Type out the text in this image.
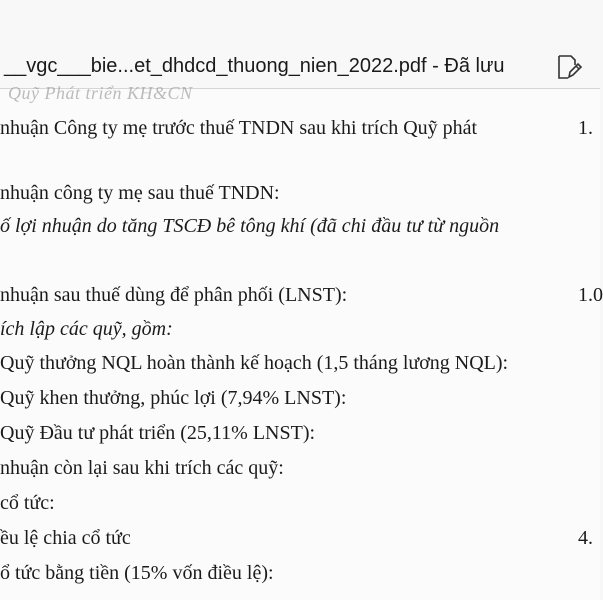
__vgc___bie...et_dhdcd_thuong_nien_2022.pdf - Đã lưu
Quỹ Phát triển KH&CN
nhuận Công ty mẹ trước thuế TNDN sau khi trích Quỹ phát	1.
nhuận công ty mẹ sau thuế TNDN:
ố lợi nhuận do tăng TSCĐ bê tông khí (đã chi đầu tư từ nguồn
nhuận sau thuế dùng để phân phối (LNST):	1.0
ích lập các quỹ, gồm:
Quỹ thưởng NQL hoàn thành kế hoạch (1,5 tháng lương NQL):
Quỹ khen thưởng, phúc lợi (7,94% LNST):
Quỹ Đầu tư phát triển (25,11% LNST):
nhuận còn lại sau khi trích các quỹ:
cổ tức:
ều lệ chia cổ tức	4.
ổ tức bằng tiền (15% vốn điều lệ):
